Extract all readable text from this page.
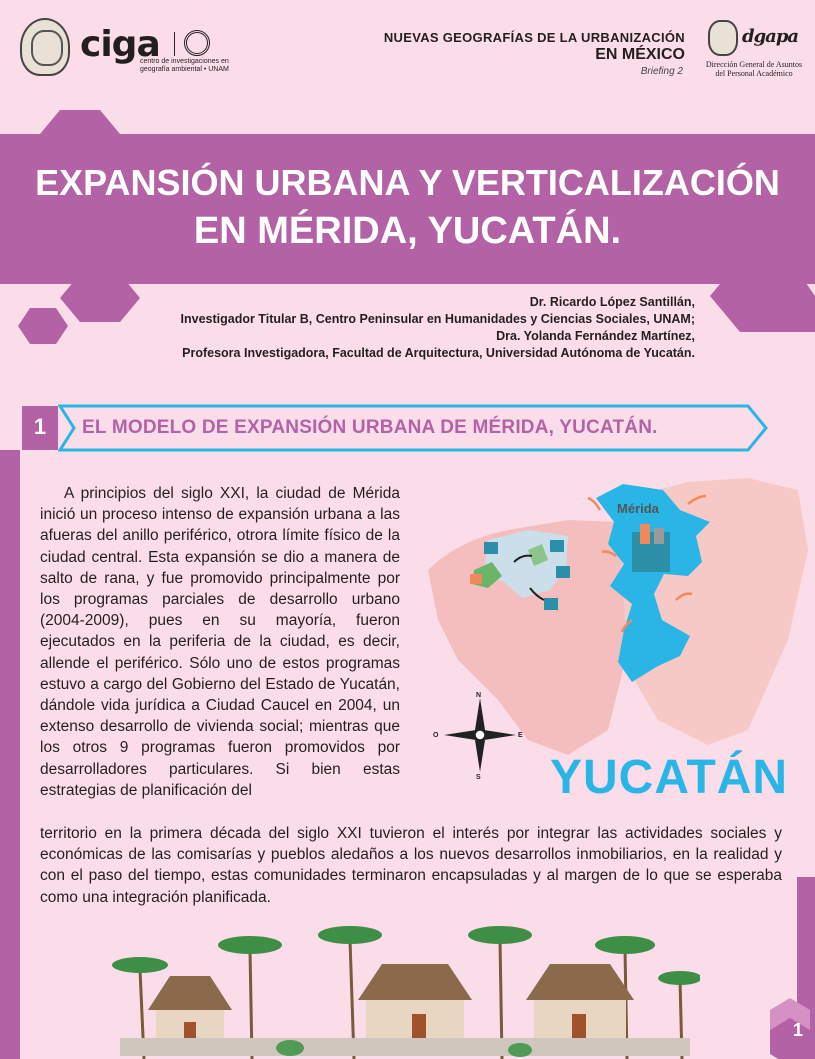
ciga
centro de investigaciones en
geografía ambiental • UNAM
NUEVAS GEOGRAFÍAS DE LA URBANIZACIÓN
EN MÉXICO
Briefing 2
dgapa
Dirección General de Asuntos
del Personal Académico
EXPANSIÓN URBANA Y VERTICALIZACIÓN
EN MÉRIDA, YUCATÁN.
Dr. Ricardo López Santillán,
Investigador Titular B, Centro Peninsular en Humanidades y Ciencias Sociales, UNAM;
Dra. Yolanda Fernández Martínez,
Profesora Investigadora, Facultad de Arquitectura, Universidad Autónoma de Yucatán.
1	EL MODELO DE EXPANSIÓN URBANA DE MÉRIDA, YUCATÁN.
A principios del siglo XXI, la ciudad de Mérida inició un proceso intenso de expansión urbana a las afueras del anillo periférico, otrora límite físico de la ciudad central. Esta expansión se dio a manera de salto de rana, y fue promovido principalmente por los programas parciales de desarrollo urbano (2004-2009), pues en su mayoría, fueron ejecutados en la periferia de la ciudad, es decir, allende el periférico. Sólo uno de estos programas estuvo a cargo del Gobierno del Estado de Yucatán, dándole vida jurídica a Ciudad Caucel en 2004, un extenso desarrollo de vivienda social; mientras que los otros 9 programas fueron promovidos por desarrolladores particulares. Si bien estas estrategias de planificación del
territorio en la primera década del siglo XXI tuvieron el interés por integrar las actividades sociales y económicas de las comisarías y pueblos aledaños a los nuevos desarrollos inmobiliarios, en la realidad y con el paso del tiempo, estas comunidades terminaron encapsuladas y al margen de lo que se esperaba como una integración planificada.
Mérida
N
S
E
O
YUCATÁN
1
